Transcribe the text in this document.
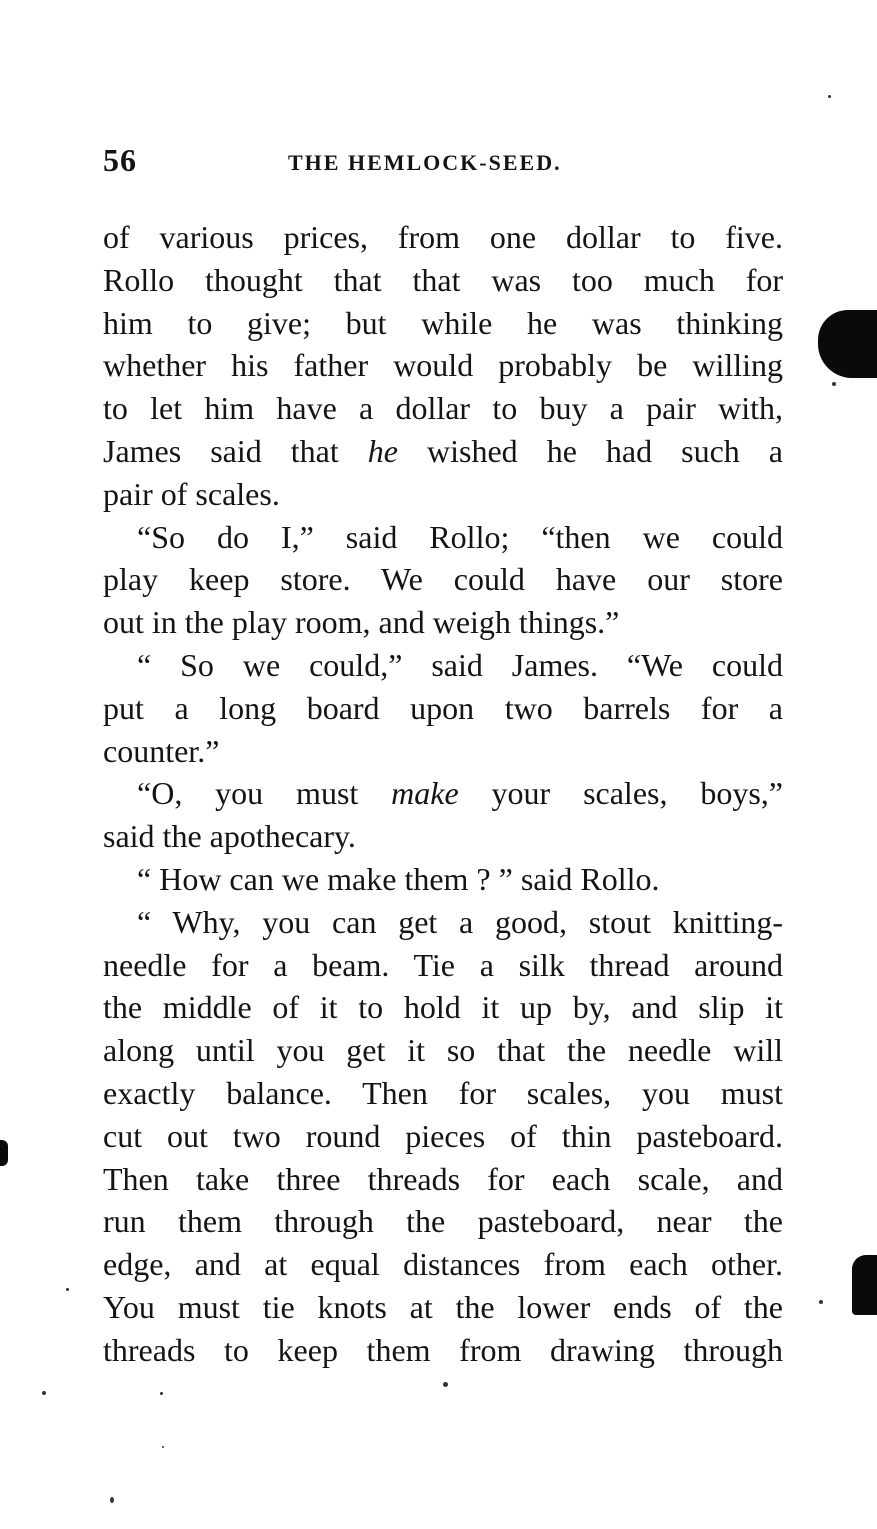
56	THE HEMLOCK-SEED.
of various prices, from one dollar to five.
Rollo thought that that was too much for
him to give; but while he was thinking
whether his father would probably be willing
to let him have a dollar to buy a pair with,
James said that he wished he had such a
pair of scales.
“So do I,” said Rollo; “then we could
play keep store. We could have our store
out in the play room, and weigh things.”
“ So we could,” said James. “We could
put a long board upon two barrels for a
counter.”
“O, you must make your scales, boys,”
said the apothecary.
“ How can we make them ? ” said Rollo.
“ Why, you can get a good, stout knitting-
needle for a beam. Tie a silk thread around
the middle of it to hold it up by, and slip it
along until you get it so that the needle will
exactly balance. Then for scales, you must
cut out two round pieces of thin pasteboard.
Then take three threads for each scale, and
run them through the pasteboard, near the
edge, and at equal distances from each other.
You must tie knots at the lower ends of the
threads to keep them from drawing through
